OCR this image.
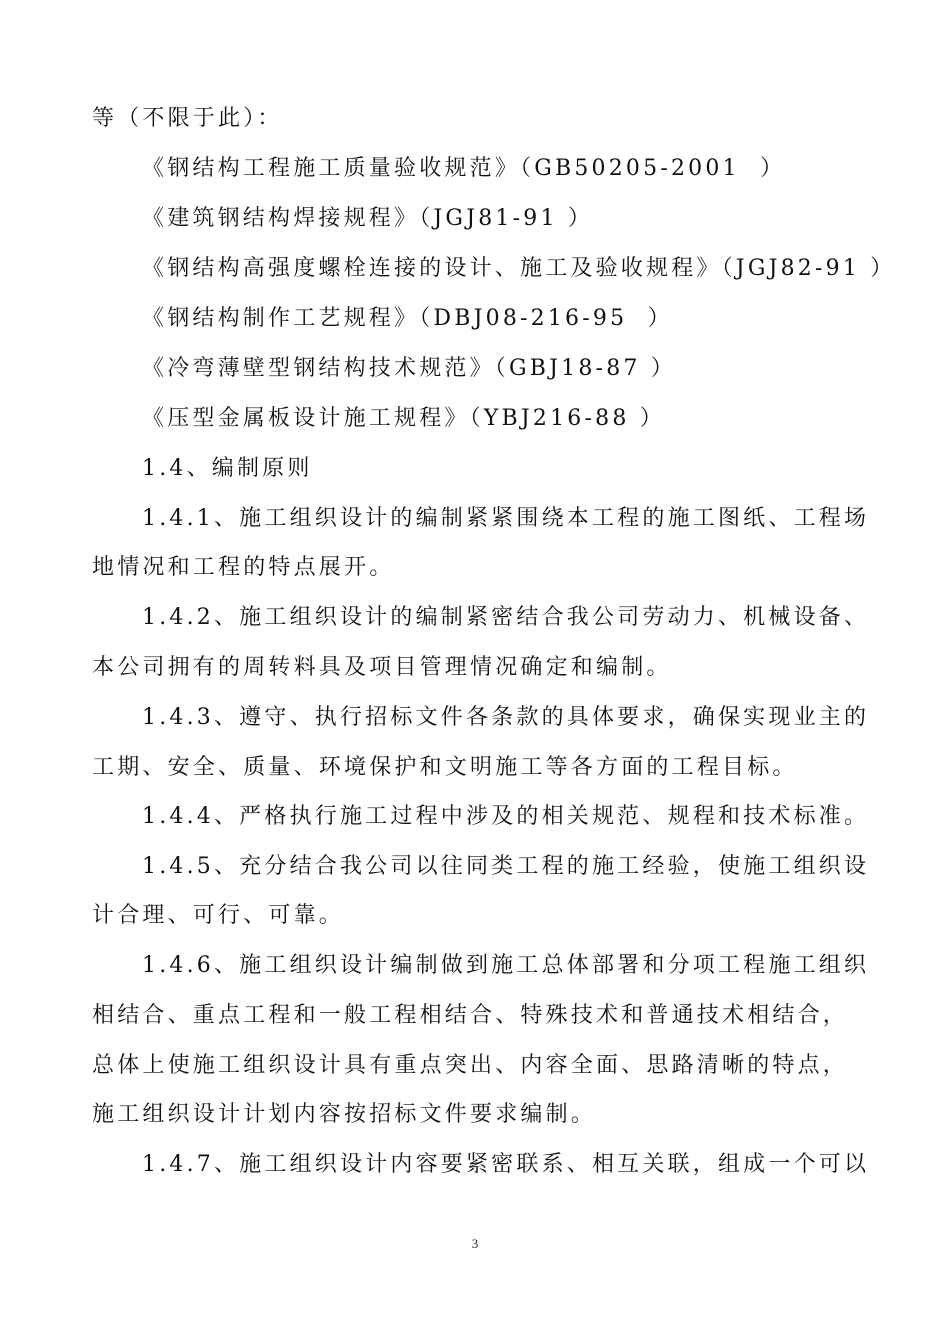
等（不限于此）：
《钢结构工程施工质量验收规范》（GB50205-2001  ）
《建筑钢结构焊接规程》（JGJ81-91 ）
《钢结构高强度螺栓连接的设计、施工及验收规程》（JGJ82-91 ）
《钢结构制作工艺规程》（DBJ08-216-95  ）
《冷弯薄壁型钢结构技术规范》（GBJ18-87 ）
《压型金属板设计施工规程》（YBJ216-88 ）
1.4、编制原则
1.4.1、施工组织设计的编制紧紧围绕本工程的施工图纸、工程场
地情况和工程的特点展开。
1.4.2、施工组织设计的编制紧密结合我公司劳动力、机械设备、
本公司拥有的周转料具及项目管理情况确定和编制。
1.4.3、遵守、执行招标文件各条款的具体要求，确保实现业主的
工期、安全、质量、环境保护和文明施工等各方面的工程目标。
1.4.4、严格执行施工过程中涉及的相关规范、规程和技术标准。
1.4.5、充分结合我公司以往同类工程的施工经验，使施工组织设
计合理、可行、可靠。
1.4.6、施工组织设计编制做到施工总体部署和分项工程施工组织
相结合、重点工程和一般工程相结合、特殊技术和普通技术相结合，
总体上使施工组织设计具有重点突出、内容全面、思路清晰的特点，
施工组织设计计划内容按招标文件要求编制。
1.4.7、施工组织设计内容要紧密联系、相互关联，组成一个可以
3
